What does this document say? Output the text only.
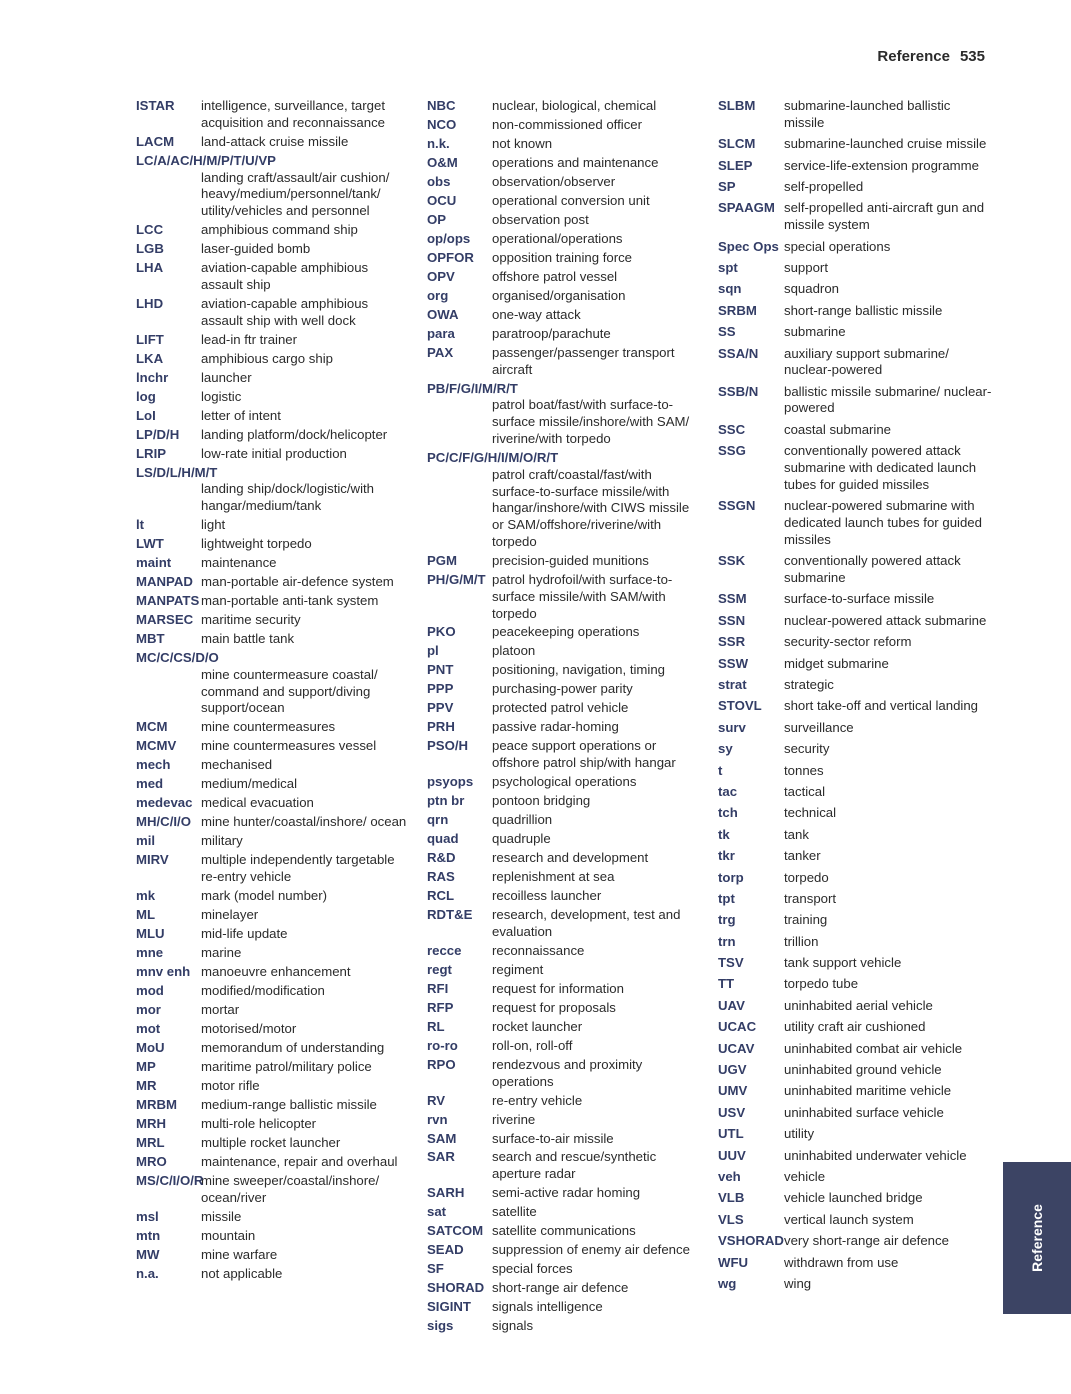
Reference 535
ISTAR	intelligence, surveillance, target acquisition and reconnaissance
LACM	land-attack cruise missile
LC/A/AC/H/M/P/T/U/VP
landing craft/assault/air cushion/ heavy/medium/personnel/tank/ utility/vehicles and personnel
LCC	amphibious command ship
LGB	laser-guided bomb
LHA	aviation-capable amphibious assault ship
LHD	aviation-capable amphibious assault ship with well dock
LIFT	lead-in ftr trainer
LKA	amphibious cargo ship
lnchr	launcher
log	logistic
LoI	letter of intent
LP/D/H	landing platform/dock/helicopter
LRIP	low-rate initial production
LS/D/L/H/M/T
landing ship/dock/logistic/with hangar/medium/tank
lt	light
LWT	lightweight torpedo
maint	maintenance
MANPAD man-portable air-defence system
MANPATS man-portable anti-tank system
MARSEC maritime security
MBT	main battle tank
MC/C/CS/D/O
mine countermeasure coastal/ command and support/diving support/ocean
MCM	mine countermeasures
MCMV	mine countermeasures vessel
mech	mechanised
med	medium/medical
medevac medical evacuation
MH/C/I/O mine hunter/coastal/inshore/ ocean
mil	military
MIRV	multiple independently targetable re-entry vehicle
mk	mark (model number)
ML	minelayer
MLU	mid-life update
mne	marine
mnv enh manoeuvre enhancement
mod	modified/modification
mor	mortar
mot	motorised/motor
MoU	memorandum of understanding
MP	maritime patrol/military police
MR	motor rifle
MRBM	medium-range ballistic missile
MRH	multi-role helicopter
MRL	multiple rocket launcher
MRO	maintenance, repair and overhaul
MS/C/I/O/R
mine sweeper/coastal/inshore/ ocean/river
msl	missile
mtn	mountain
MW	mine warfare
n.a.	not applicable
NBC	nuclear, biological, chemical
NCO	non-commissioned officer
n.k.	not known
O&M	operations and maintenance
obs	observation/observer
OCU	operational conversion unit
OP	observation post
op/ops	operational/operations
OPFOR	opposition training force
OPV	offshore patrol vessel
org	organised/organisation
OWA	one-way attack
para	paratroop/parachute
PAX	passenger/passenger transport aircraft
PB/F/G/I/M/R/T
patrol boat/fast/with surface-to- surface missile/inshore/with SAM/ riverine/with torpedo
PC/C/F/G/H/I/M/O/R/T
patrol craft/coastal/fast/with surface-to-surface missile/with hangar/inshore/with CIWS missile or SAM/offshore/riverine/with torpedo
PGM	precision-guided munitions
PH/G/M/T patrol hydrofoil/with surface-to- surface missile/with SAM/with torpedo
PKO	peacekeeping operations
pl	platoon
PNT	positioning, navigation, timing
PPP	purchasing-power parity
PPV	protected patrol vehicle
PRH	passive radar-homing
PSO/H	peace support operations or offshore patrol ship/with hangar
psyops	psychological operations
ptn br	pontoon bridging
qrn	quadrillion
quad	quadruple
R&D	research and development
RAS	replenishment at sea
RCL	recoilless launcher
RDT&E	research, development, test and evaluation
recce	reconnaissance
regt	regiment
RFI	request for information
RFP	request for proposals
RL	rocket launcher
ro-ro	roll-on, roll-off
RPO	rendezvous and proximity operations
RV	re-entry vehicle
rvn	riverine
SAM	surface-to-air missile
SAR	search and rescue/synthetic aperture radar
SARH	semi-active radar homing
sat	satellite
SATCOM satellite communications
SEAD	suppression of enemy air defence
SF	special forces
SHORAD short-range air defence
SIGINT	signals intelligence
sigs	signals
SLBM	submarine-launched ballistic missile
SLCM	submarine-launched cruise missile
SLEP	service-life-extension programme
SP	self-propelled
SPAAGM self-propelled anti-aircraft gun and missile system
Spec Ops special operations
spt	support
sqn	squadron
SRBM	short-range ballistic missile
SS	submarine
SSA/N	auxiliary support submarine/ nuclear-powered
SSB/N	ballistic missile submarine/ nuclear-powered
SSC	coastal submarine
SSG	conventionally powered attack submarine with dedicated launch tubes for guided missiles
SSGN	nuclear-powered submarine with dedicated launch tubes for guided missiles
SSK	conventionally powered attack submarine
SSM	surface-to-surface missile
SSN	nuclear-powered attack submarine
SSR	security-sector reform
SSW	midget submarine
strat	strategic
STOVL	short take-off and vertical landing
surv	surveillance
sy	security
t	tonnes
tac	tactical
tch	technical
tk	tank
tkr	tanker
torp	torpedo
tpt	transport
trg	training
trn	trillion
TSV	tank support vehicle
TT	torpedo tube
UAV	uninhabited aerial vehicle
UCAC	utility craft air cushioned
UCAV	uninhabited combat air vehicle
UGV	uninhabited ground vehicle
UMV	uninhabited maritime vehicle
USV	uninhabited surface vehicle
UTL	utility
UUV	uninhabited underwater vehicle
veh	vehicle
VLB	vehicle launched bridge
VLS	vertical launch system
VSHORAD very short-range air defence
WFU	withdrawn from use
wg	wing
Reference
